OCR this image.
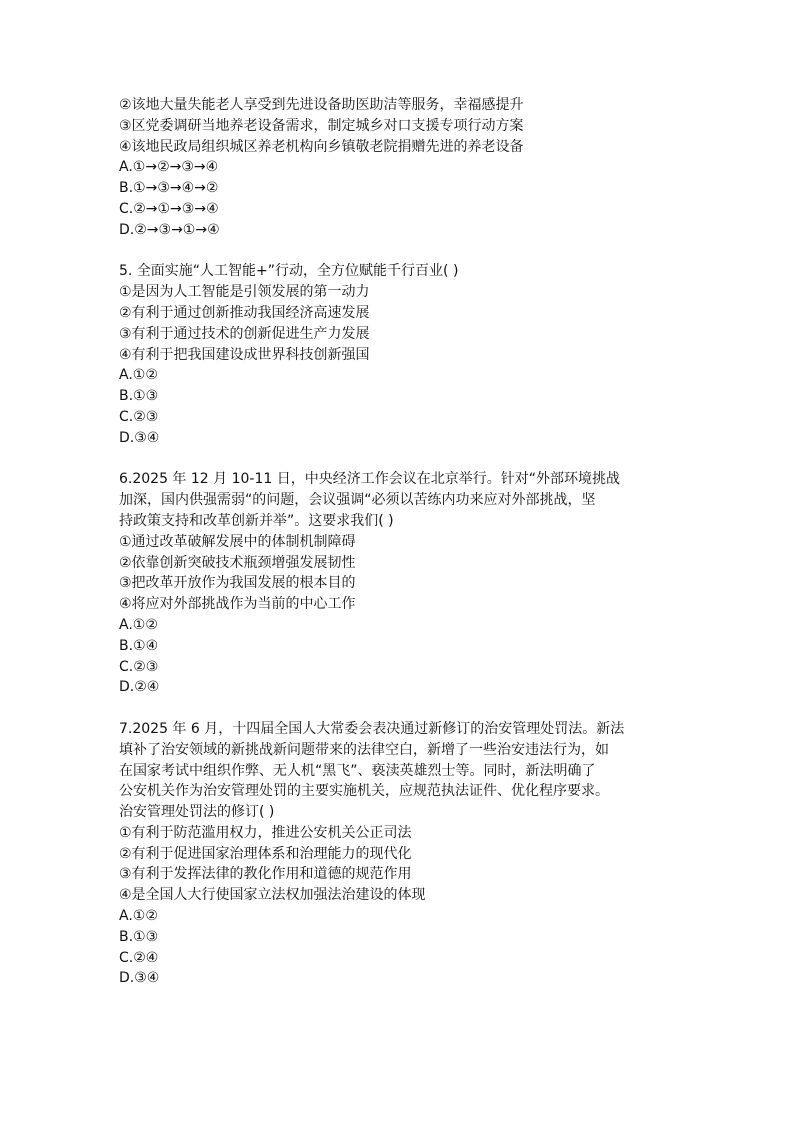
②该地大量失能老人享受到先进设备助医助洁等服务，幸福感提升
③区党委调研当地养老设备需求，制定城乡对口支援专项行动方案
④该地民政局组织城区养老机构向乡镇敬老院捐赠先进的养老设备
A.①→②→③→④
B.①→③→④→②
C.②→①→③→④
D.②→③→①→④
5. 全面实施“人工智能+”行动，全方位赋能千行百业( )
①是因为人工智能是引领发展的第一动力
②有利于通过创新推动我国经济高速发展
③有利于通过技术的创新促进生产力发展
④有利于把我国建设成世界科技创新强国
A.①②
B.①③
C.②③
D.③④
6.2025 年 12 月 10-11 日，中央经济工作会议在北京举行。针对“外部环境挑战
加深，国内供强需弱“的问题，会议强调“必须以苦练内功来应对外部挑战，坚
持政策支持和改革创新并举”。这要求我们( )
①通过改革破解发展中的体制机制障碍
②依靠创新突破技术瓶颈增强发展韧性
③把改革开放作为我国发展的根本目的
④将应对外部挑战作为当前的中心工作
A.①②
B.①④
C.②③
D.②④
7.2025 年 6 月，十四届全国人大常委会表决通过新修订的治安管理处罚法。新法
填补了治安领域的新挑战新问题带来的法律空白，新增了一些治安违法行为，如
在国家考试中组织作弊、无人机“黑飞”、亵渎英雄烈士等。同时，新法明确了
公安机关作为治安管理处罚的主要实施机关，应规范执法证件、优化程序要求。
治安管理处罚法的修订( )
①有利于防范滥用权力，推进公安机关公正司法
②有利于促进国家治理体系和治理能力的现代化
③有利于发挥法律的教化作用和道德的规范作用
④是全国人大行使国家立法权加强法治建设的体现
A.①②
B.①③
C.②④
D.③④
